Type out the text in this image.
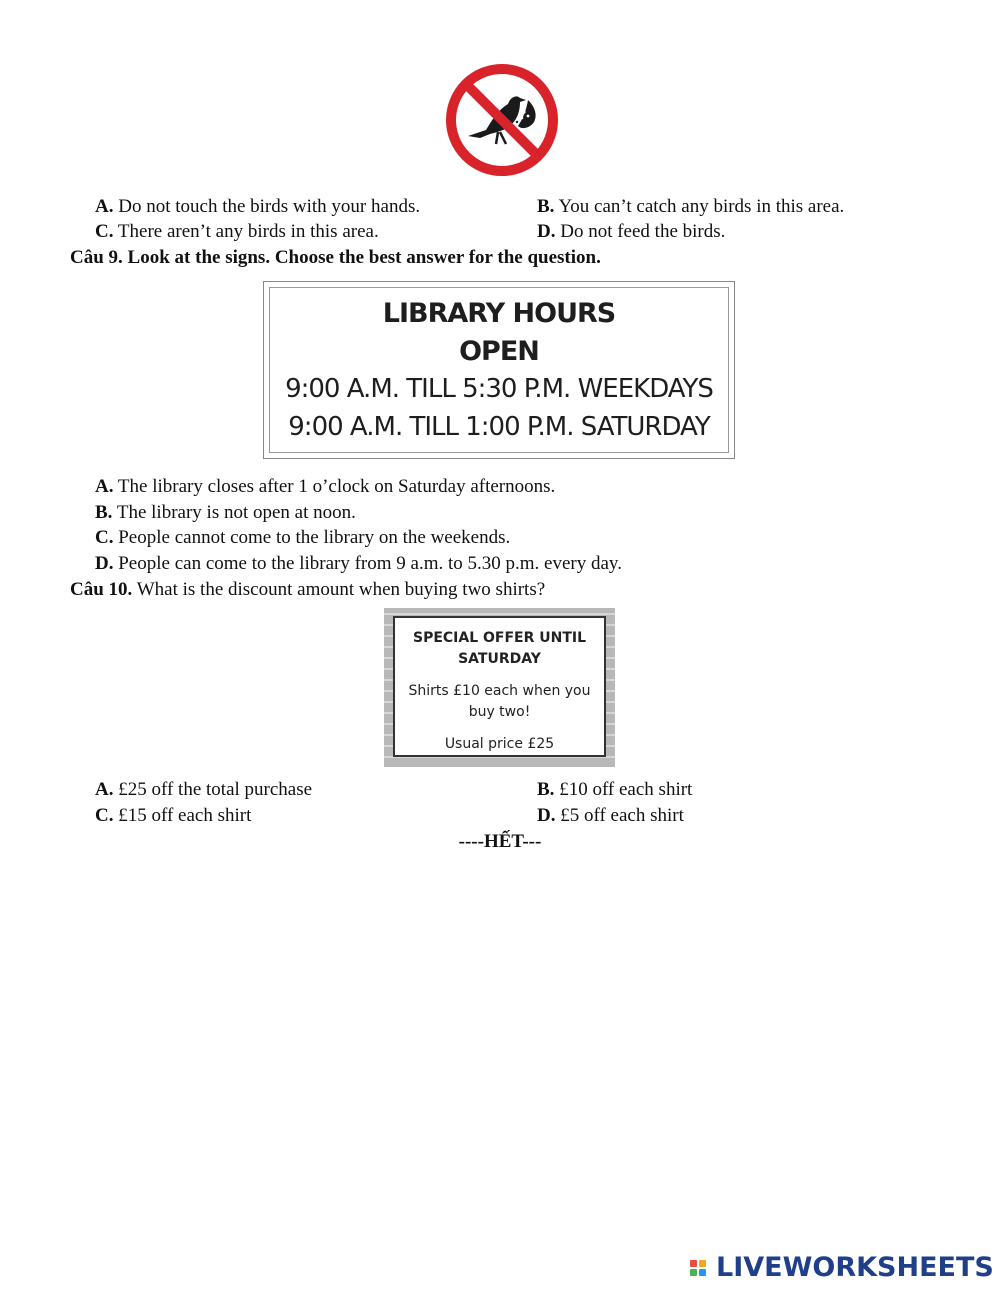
A. Do not touch the birds with your hands.	B. You can’t catch any birds in this area.
C. There aren’t any birds in this area.	D. Do not feed the birds.
Câu 9. Look at the signs. Choose the best answer for the question.
LIBRARY HOURS
OPEN
9:00 A.M. TILL 5:30 P.M. WEEKDAYS
9:00 A.M. TILL 1:00 P.M. SATURDAY
A. The library closes after 1 o’clock on Saturday afternoons.
B. The library is not open at noon.
C. People cannot come to the library on the weekends.
D. People can come to the library from 9 a.m. to 5.30 p.m. every day.
Câu 10. What is the discount amount when buying two shirts?
SPECIAL OFFER UNTIL
SATURDAY
Shirts £10 each when you
buy two!
Usual price £25
A. £25 off the total purchase	B. £10 off each shirt
C. £15 off each shirt	D. £5 off each shirt
----HẾT---
LIVEWORKSHEETS
